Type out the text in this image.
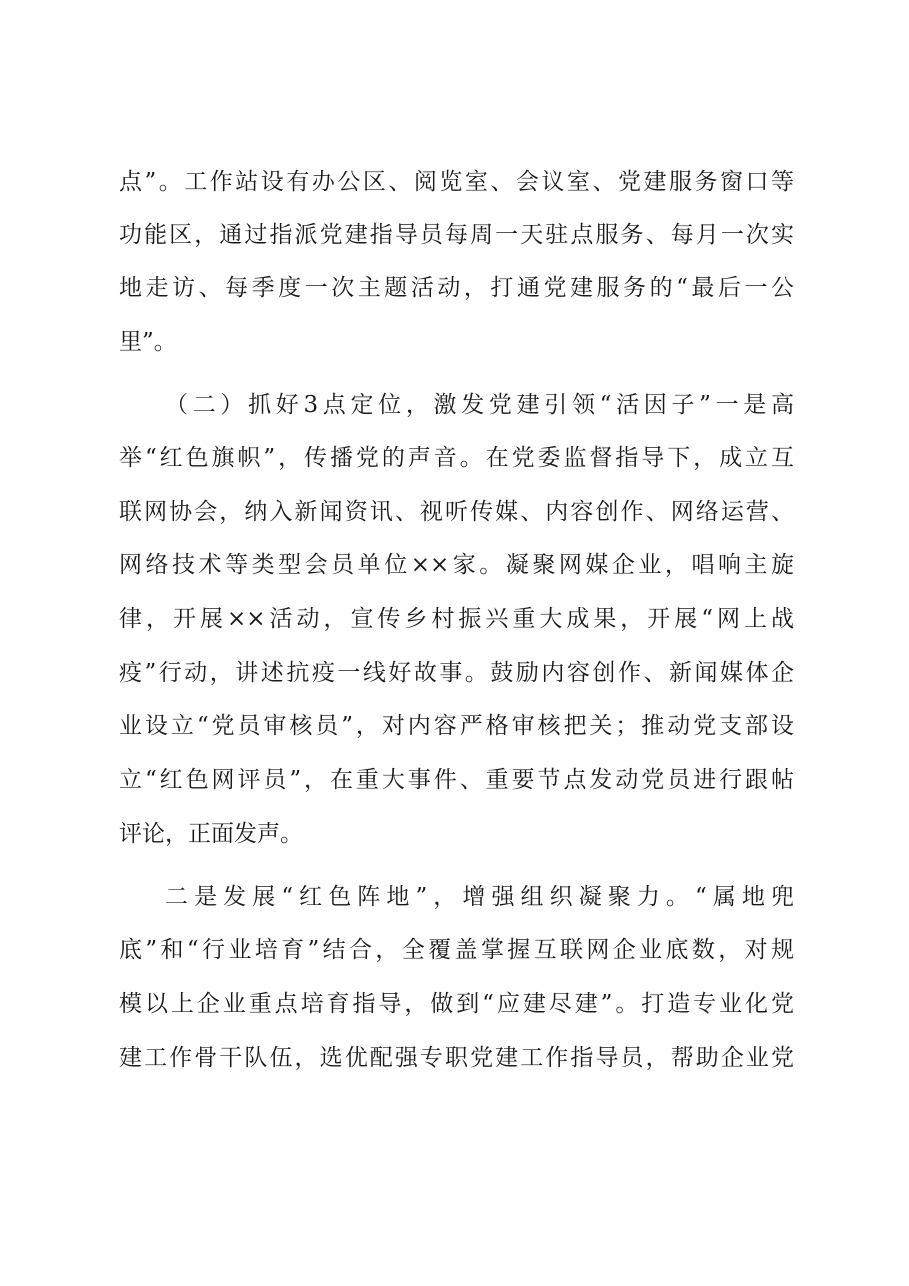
点”。工作站设有办公区、阅览室、会议室、党建服务窗口等
功能区，通过指派党建指导员每周一天驻点服务、每月一次实
地走访、每季度一次主题活动，打通党建服务的“最后一公
里”。
（二）抓好3点定位，激发党建引领“活因子”一是高
举“红色旗帜”，传播党的声音。在党委监督指导下，成立互
联网协会，纳入新闻资讯、视听传媒、内容创作、网络运营、
网络技术等类型会员单位××家。凝聚网媒企业，唱响主旋
律，开展××活动，宣传乡村振兴重大成果，开展“网上战
疫”行动，讲述抗疫一线好故事。鼓励内容创作、新闻媒体企
业设立“党员审核员”，对内容严格审核把关；推动党支部设
立“红色网评员”，在重大事件、重要节点发动党员进行跟帖
评论，正面发声。
二是发展“红色阵地”，增强组织凝聚力。“属地兜
底”和“行业培育”结合，全覆盖掌握互联网企业底数，对规
模以上企业重点培育指导，做到“应建尽建”。打造专业化党
建工作骨干队伍，选优配强专职党建工作指导员，帮助企业党
